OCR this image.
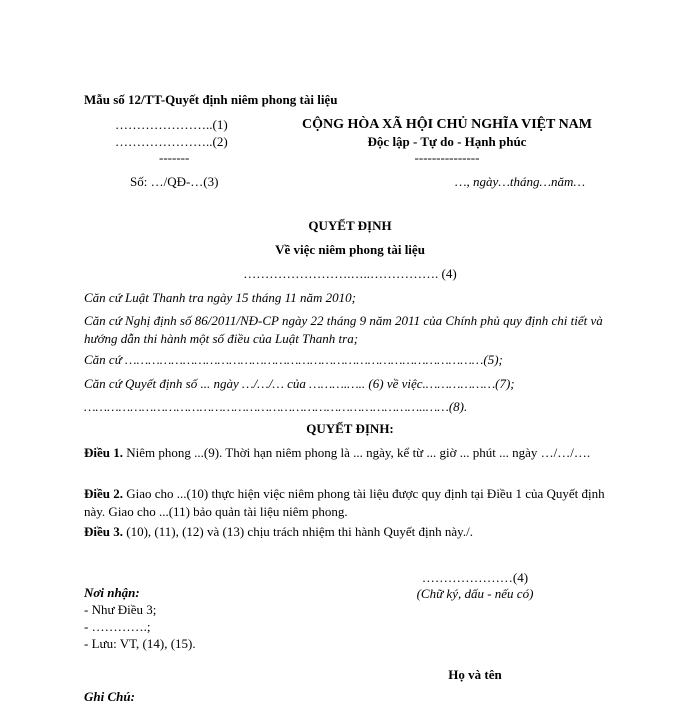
Mẫu số 12/TT-Quyết định niêm phong tài liệu
…………………..(1)
…………………..(2)
-------
Số: …/QĐ-…(3)
CỘNG HÒA XÃ HỘI CHỦ NGHĨA VIỆT NAM
Độc lập - Tự do - Hạnh phúc
---------------
…, ngày…tháng…năm…
QUYẾT ĐỊNH
Về việc niêm phong tài liệu
…………………….…..……………. (4)
Căn cứ Luật Thanh tra ngày 15 tháng 11 năm 2010;
Căn cứ Nghị định số 86/2011/NĐ-CP ngày 22 tháng 9 năm 2011 của Chính phủ quy định chi tiết và hướng dẫn thi hành một số điều của Luật Thanh tra;
Căn cứ …………………………………………………………………………………(5);
Căn cứ Quyết định số ... ngày …/…/… của ……….….. (6) về việc.………………(7);
……………………………………………………………………………..……(8).
QUYẾT ĐỊNH:
Điều 1. Niêm phong ...(9). Thời hạn niêm phong là ... ngày, kể từ ... giờ ... phút ... ngày …/…/….
Điều 2. Giao cho ...(10) thực hiện việc niêm phong tài liệu được quy định tại Điều 1 của Quyết định này. Giao cho ...(11) bảo quản tài liệu niêm phong.
Điều 3. (10), (11), (12) và (13) chịu trách nhiệm thi hành Quyết định này./.
Nơi nhận:
- Như Điều 3;
- ………….;
- Lưu: VT, (14), (15).
…………………(4)
(Chữ ký, dấu - nếu có)
Họ và tên
Ghi Chú:
